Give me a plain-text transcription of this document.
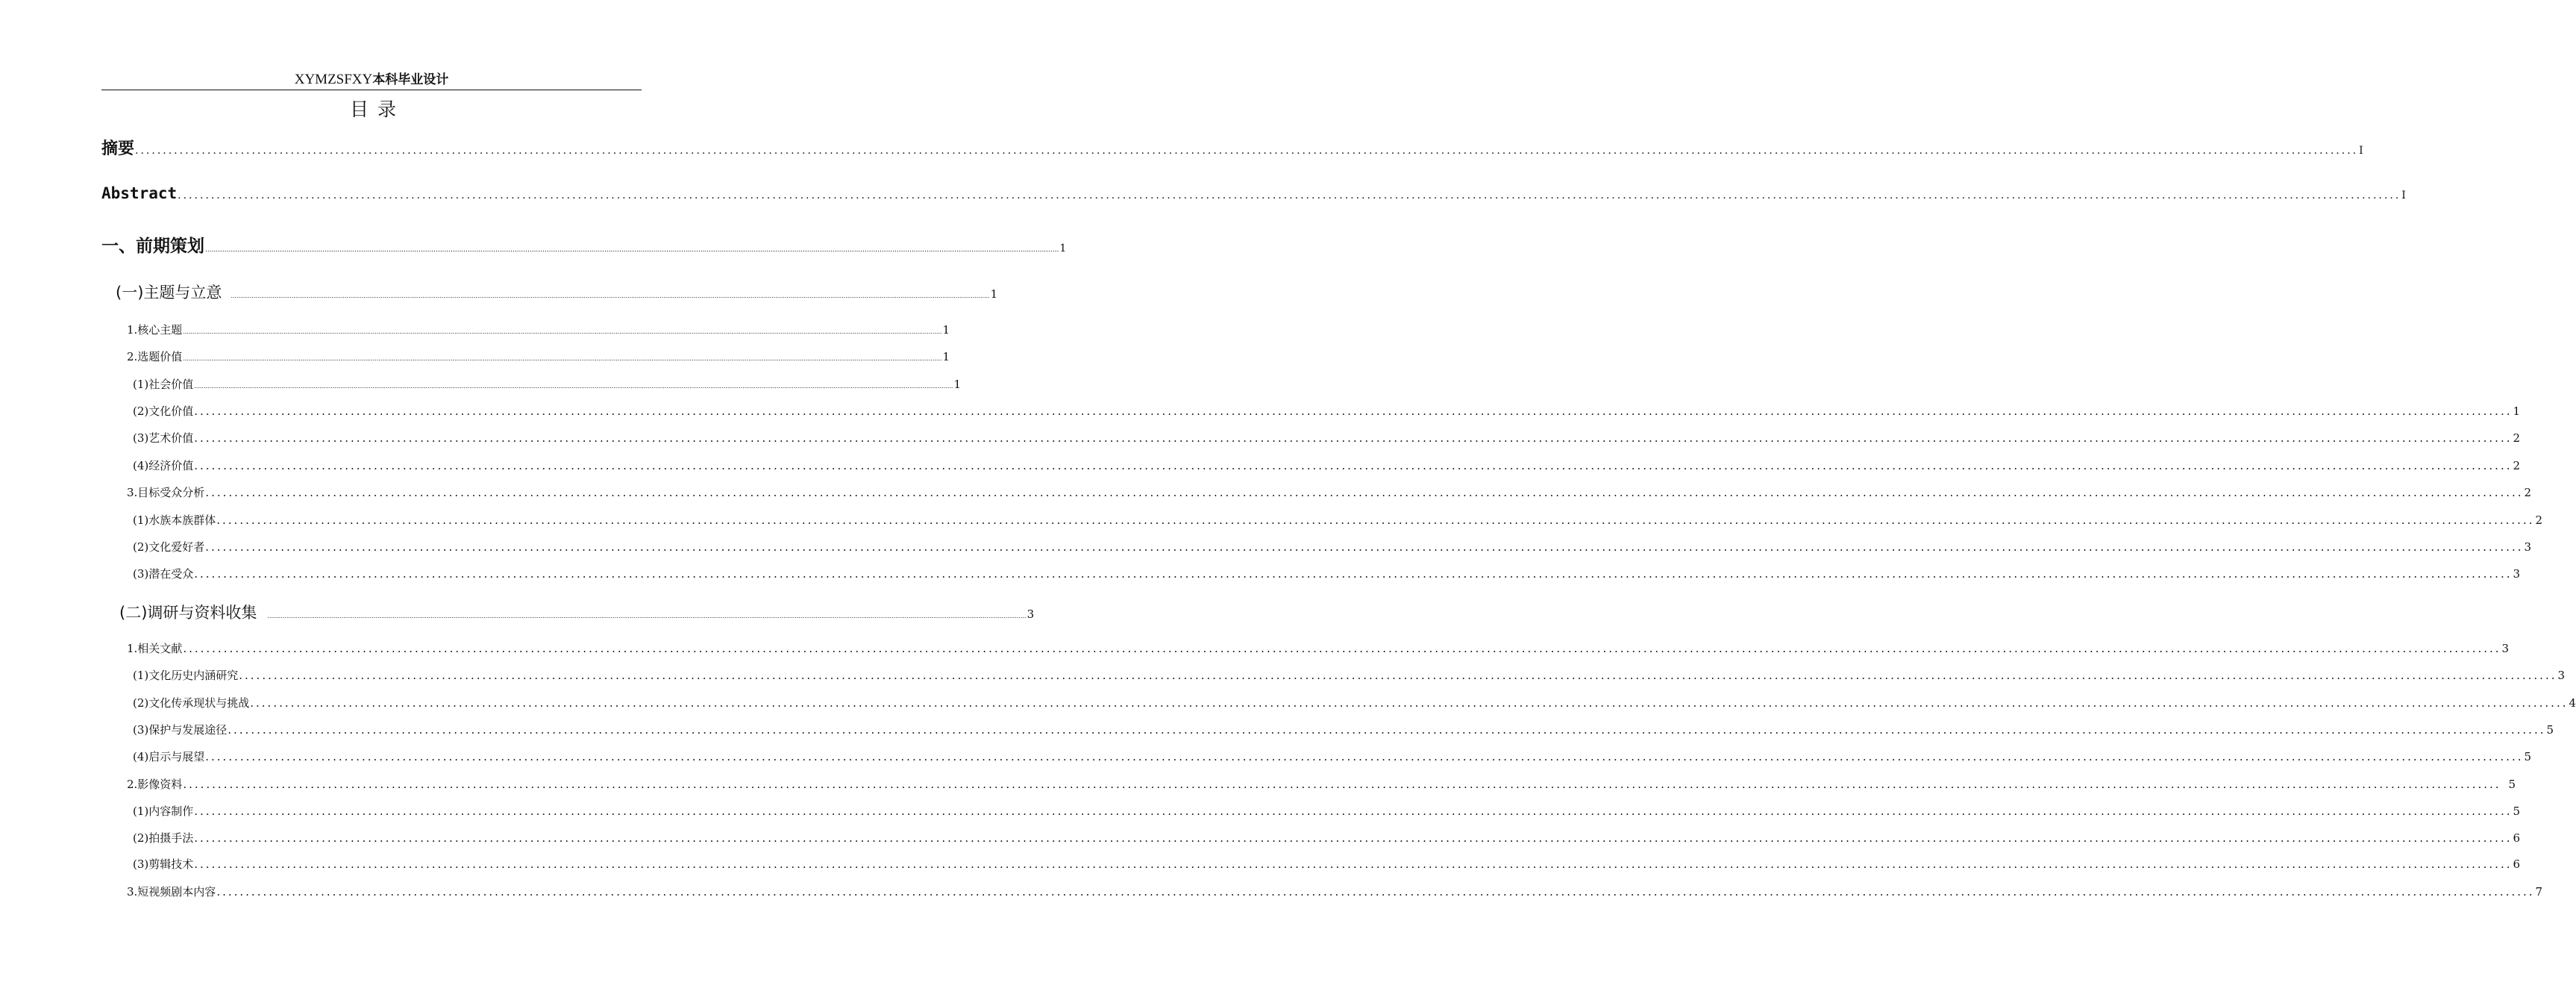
XYMZSFXY本科毕业设计
目录
摘要 ................................................................................................................................................................................................................................................................................................................................................................................................................ I
Abstract ................................................................................................................................................................................................................................................................................................................................................................................................................ I
一、前期策划 ................................................................................................................................................................................................................................................................................................................................................................................................................ 1
(一)主题与立意 ................................................................................................................................................................................................................................................................................................................................................................................................................ 1
1.核心主题 ................................................................................................................................................................................................................................................................................................................................................................................................................ 1
2.选题价值 ................................................................................................................................................................................................................................................................................................................................................................................................................ 1
(1)社会价值 ................................................................................................................................................................................................................................................................................................................................................................................................................ 1
(2)文化价值 ................................................................................................................................................................................................................................................................................................................................................................................................................ 1
(3)艺术价值 ................................................................................................................................................................................................................................................................................................................................................................................................................ 2
(4)经济价值 ................................................................................................................................................................................................................................................................................................................................................................................................................ 2
3.目标受众分析 ................................................................................................................................................................................................................................................................................................................................................................................................................ 2
(1)水族本族群体 ................................................................................................................................................................................................................................................................................................................................................................................................................ 2
(2)文化爱好者 ................................................................................................................................................................................................................................................................................................................................................................................................................ 3
(3)潜在受众 ................................................................................................................................................................................................................................................................................................................................................................................................................ 3
(二)调研与资料收集 ................................................................................................................................................................................................................................................................................................................................................................................................................ 3
1.相关文献 ................................................................................................................................................................................................................................................................................................................................................................................................................ 3
(1)文化历史内涵研究 ................................................................................................................................................................................................................................................................................................................................................................................................................ 3
(2)文化传承现状与挑战 ................................................................................................................................................................................................................................................................................................................................................................................................................ 4
(3)保护与发展途径 ................................................................................................................................................................................................................................................................................................................................................................................................................ 5
(4)启示与展望 ................................................................................................................................................................................................................................................................................................................................................................................................................ 5
2.影像资料 ................................................................................................................................................................................................................................................................................................................................................................................................................ 5
(1)内容制作 ................................................................................................................................................................................................................................................................................................................................................................................................................ 5
(2)拍摄手法 ................................................................................................................................................................................................................................................................................................................................................................................................................ 6
(3)剪辑技术 ................................................................................................................................................................................................................................................................................................................................................................................................................ 6
3.短视频剧本内容 ................................................................................................................................................................................................................................................................................................................................................................................................................ 7
